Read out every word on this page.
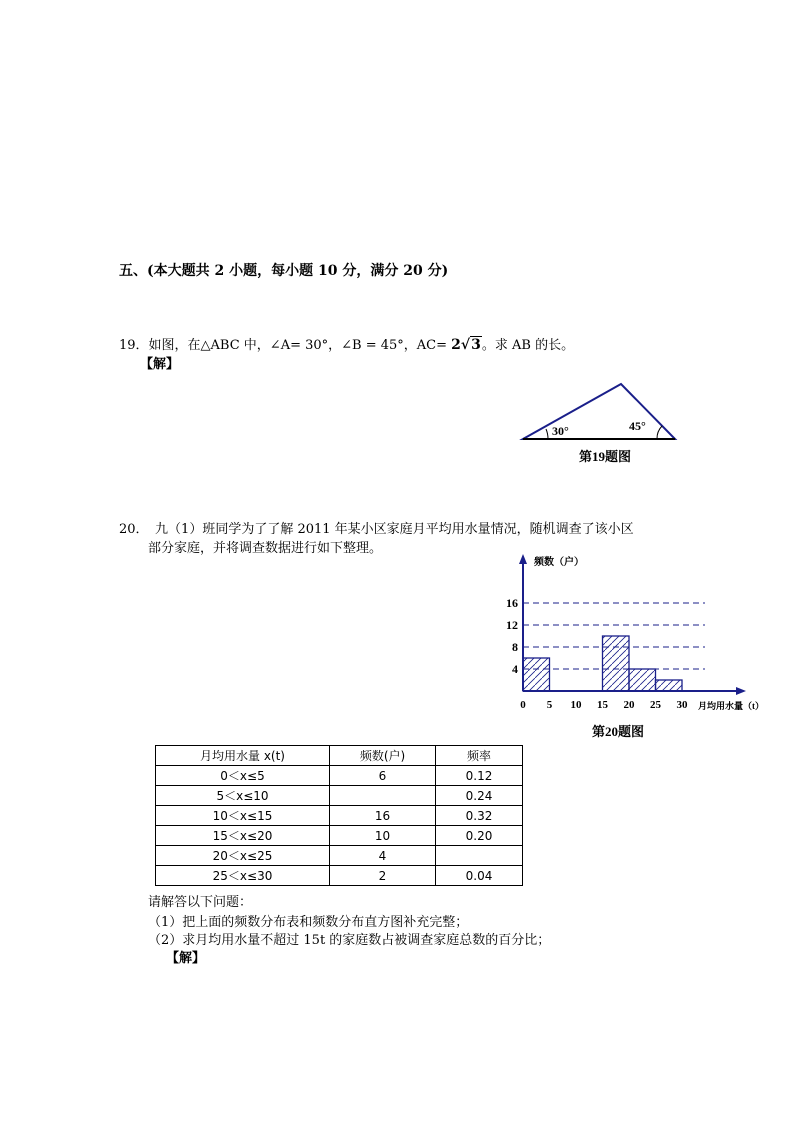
五、(本大题共 2 小题，每小题 10 分，满分 20 分)
19．如图，在△ABC 中，∠A= 30°，∠B = 45°，AC= 2√3。求 AB 的长。
【解】
30°	45°
第19题图
20．　九（1）班同学为了了解 2011 年某小区家庭月平均用水量情况，随机调查了该小区
部分家庭，并将调查数据进行如下整理。
4
8
12
16
0 5 10 15 20 25 30
频数（户）
月均用水量（t）
第20题图
月均用水量 x(t)	频数(户)	频率
0＜x≤5	6	0.12
5＜x≤10		0.24
10＜x≤15	16	0.32
15＜x≤20	10	0.20
20＜x≤25	4	
25＜x≤30	2	0.04
请解答以下问题：
（1）把上面的频数分布表和频数分布直方图补充完整；
（2）求月均用水量不超过 15t 的家庭数占被调查家庭总数的百分比；
【解】
